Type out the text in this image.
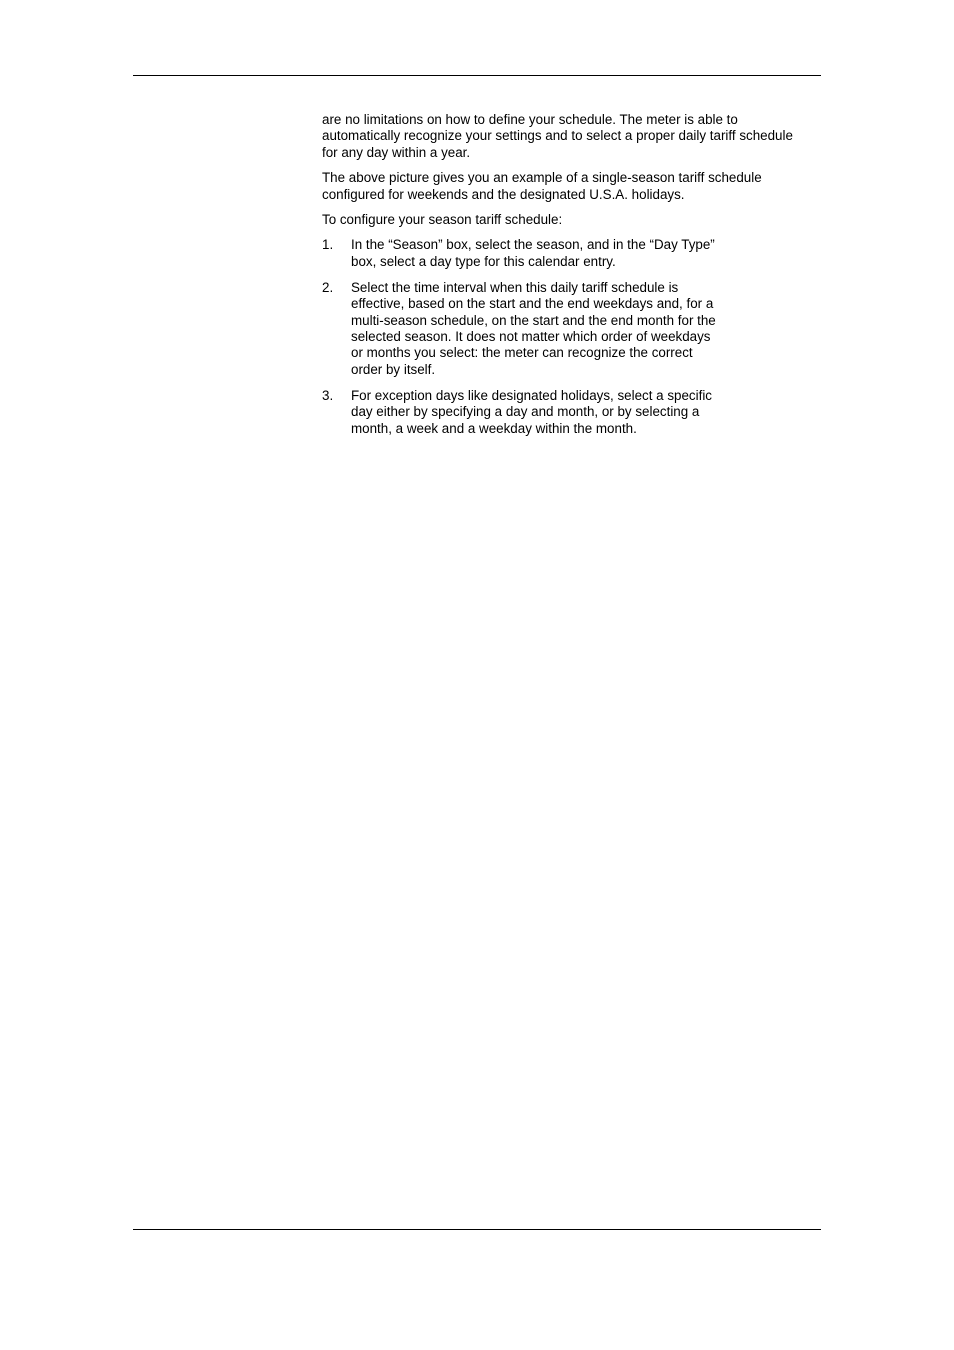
are no limitations on how to define your schedule. The meter is able to automatically recognize your settings and to select a proper daily tariff schedule for any day within a year.

The above picture gives you an example of a single-season tariff schedule configured for weekends and the designated U.S.A. holidays.

To configure your season tariff schedule:

1.	In the “Season” box, select the season, and in the “Day Type” box, select a day type for this calendar entry.
2.	Select the time interval when this daily tariff schedule is effective, based on the start and the end weekdays and, for a multi-season schedule, on the start and the end month for the selected season. It does not matter which order of weekdays or months you select: the meter can recognize the correct order by itself.
3.	For exception days like designated holidays, select a specific day either by specifying a day and month, or by selecting a month, a week and a weekday within the month.
